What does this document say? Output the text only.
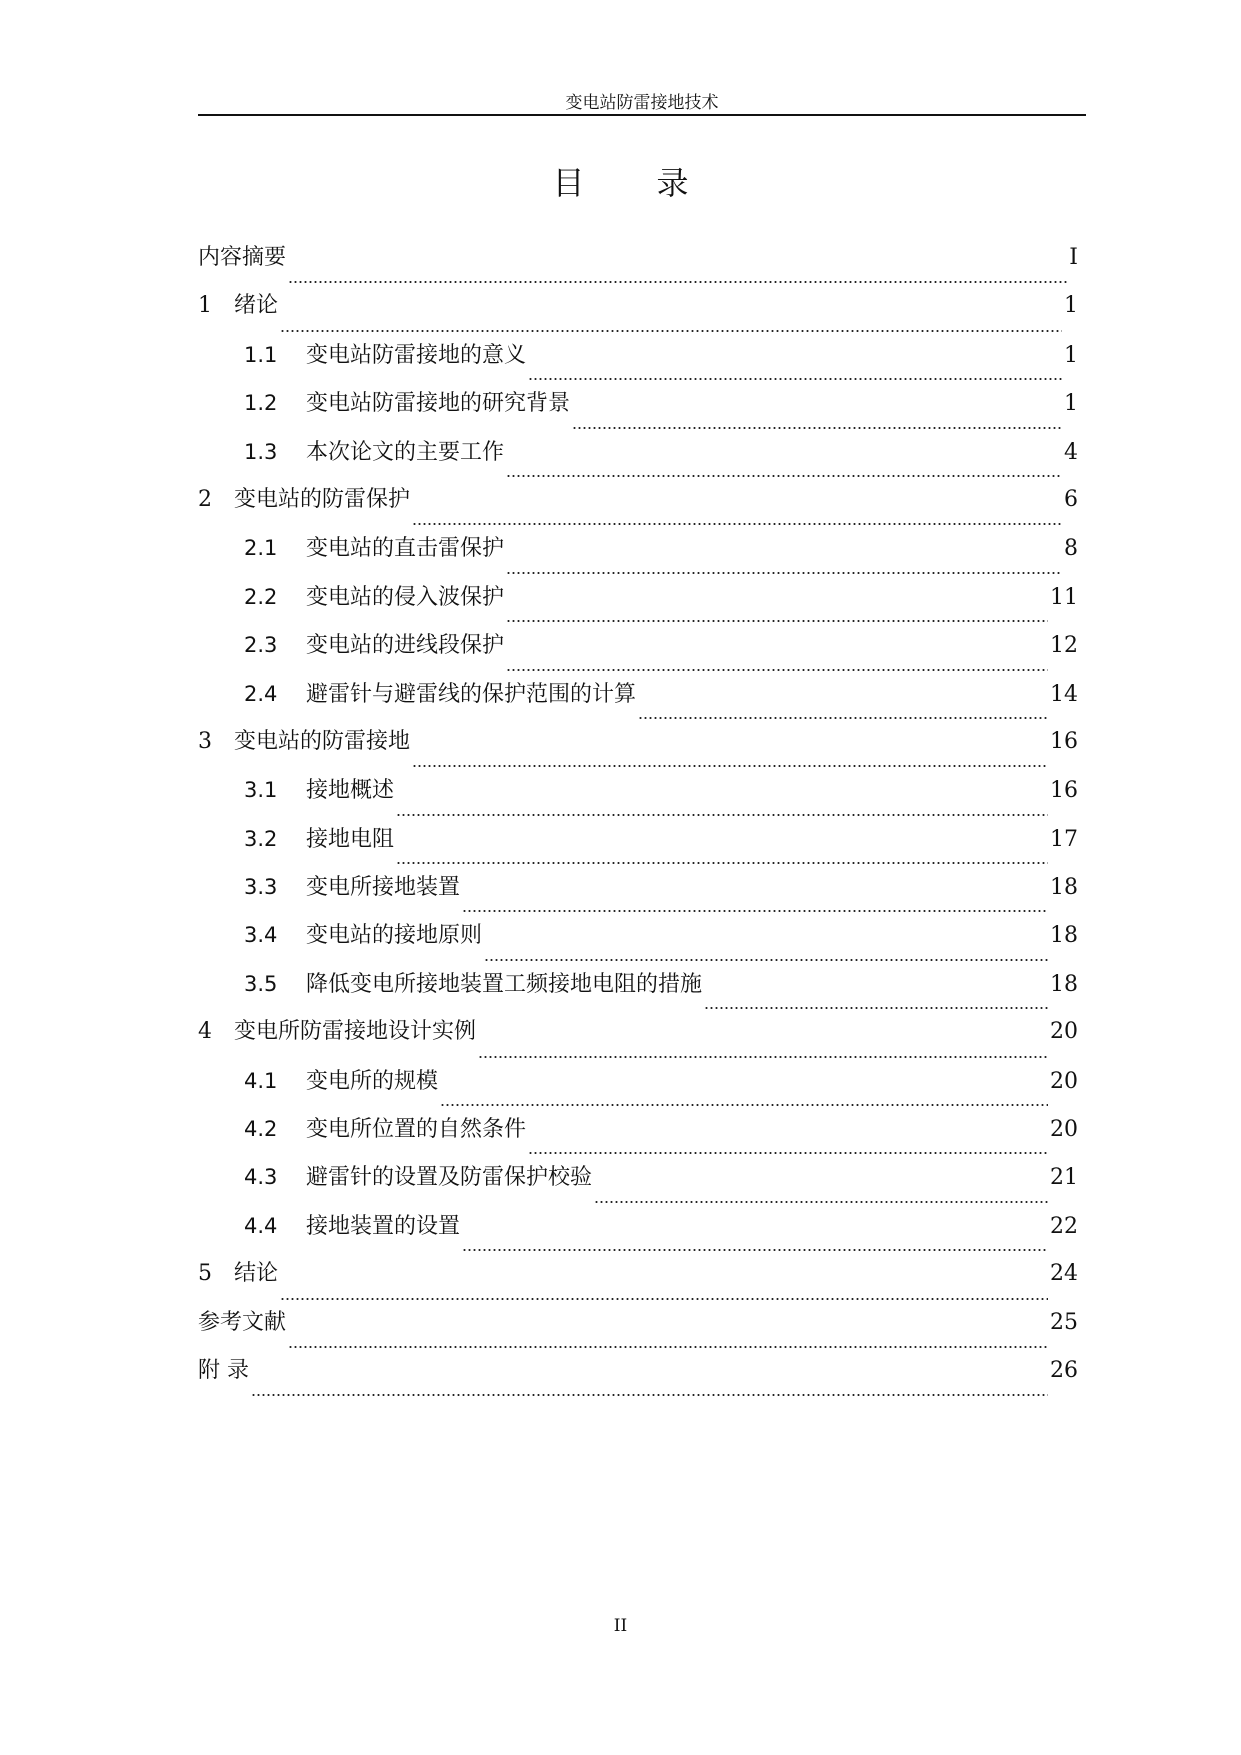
变电站防雷接地技术
目录
内容摘要	I
1	绪论	1
1.1	变电站防雷接地的意义	1
1.2	变电站防雷接地的研究背景	1
1.3	本次论文的主要工作	4
2	变电站的防雷保护	6
2.1	变电站的直击雷保护	8
2.2	变电站的侵入波保护	11
2.3	变电站的进线段保护	12
2.4	避雷针与避雷线的保护范围的计算	14
3	变电站的防雷接地	16
3.1	接地概述	16
3.2	接地电阻	17
3.3	变电所接地装置	18
3.4	变电站的接地原则	18
3.5	降低变电所接地装置工频接地电阻的措施	18
4	变电所防雷接地设计实例	20
4.1	变电所的规模	20
4.2	变电所位置的自然条件	20
4.3	避雷针的设置及防雷保护校验	21
4.4	接地装置的设置	22
5	结论	24
参考文献	25
附 录	26
II
